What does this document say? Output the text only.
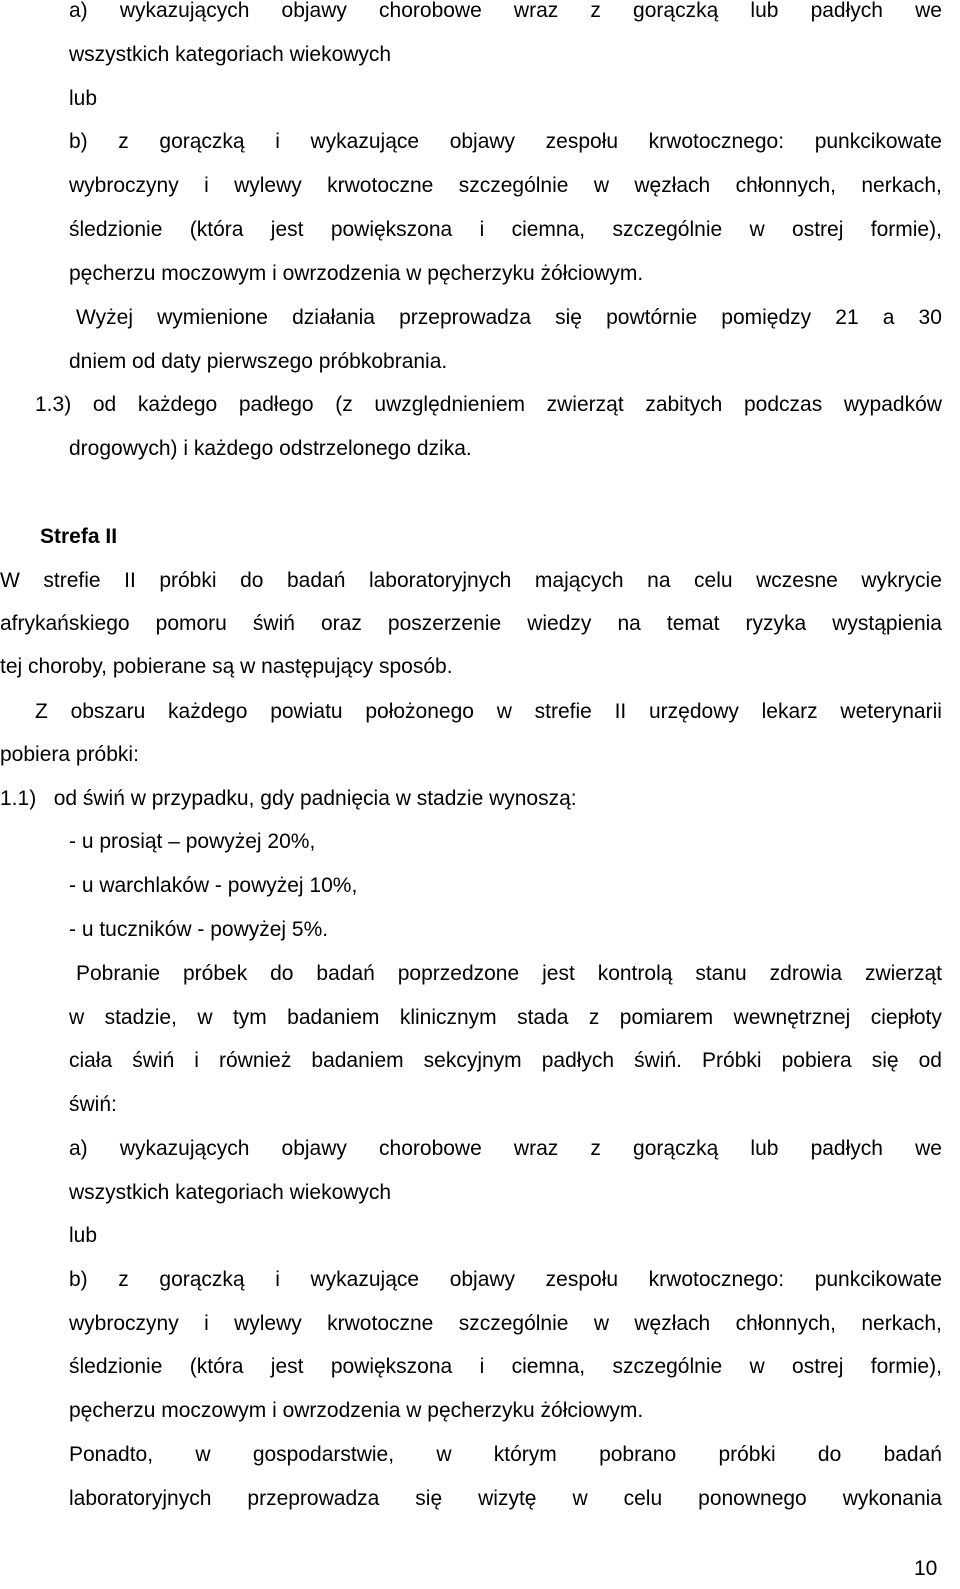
a) wykazujących objawy chorobowe wraz z gorączką lub padłych we
wszystkich kategoriach wiekowych
lub
b) z gorączką i wykazujące objawy zespołu krwotocznego: punkcikowate
wybroczyny i wylewy krwotoczne szczególnie w węzłach chłonnych, nerkach,
śledzionie (która jest powiększona i ciemna, szczególnie w ostrej formie),
pęcherzu moczowym i owrzodzenia w pęcherzyku żółciowym.
Wyżej wymienione działania przeprowadza się powtórnie pomiędzy 21 a 30
dniem od daty pierwszego próbkobrania.
1.3) od każdego padłego (z uwzględnieniem zwierząt zabitych podczas wypadków
drogowych) i każdego odstrzelonego dzika.
Strefa II
W strefie II próbki do badań laboratoryjnych mających na celu wczesne wykrycie
afrykańskiego pomoru świń oraz poszerzenie wiedzy na temat ryzyka wystąpienia
tej choroby, pobierane są w następujący sposób.
Z obszaru każdego powiatu położonego w strefie II urzędowy lekarz weterynarii
pobiera próbki:
1.1)   od świń w przypadku, gdy padnięcia w stadzie wynoszą:
- u prosiąt – powyżej 20%,
- u warchlaków - powyżej 10%,
- u tuczników - powyżej 5%.
Pobranie próbek do badań poprzedzone jest kontrolą stanu zdrowia zwierząt
w stadzie, w tym badaniem klinicznym stada z pomiarem wewnętrznej ciepłoty
ciała świń i również badaniem sekcyjnym padłych świń. Próbki pobiera się od
świń:
a) wykazujących objawy chorobowe wraz z gorączką lub padłych we
wszystkich kategoriach wiekowych
lub
b) z gorączką i wykazujące objawy zespołu krwotocznego: punkcikowate
wybroczyny i wylewy krwotoczne szczególnie w węzłach chłonnych, nerkach,
śledzionie (która jest powiększona i ciemna, szczególnie w ostrej formie),
pęcherzu moczowym i owrzodzenia w pęcherzyku żółciowym.
Ponadto, w gospodarstwie, w którym pobrano próbki do badań
laboratoryjnych przeprowadza się wizytę w celu ponownego wykonania
10
